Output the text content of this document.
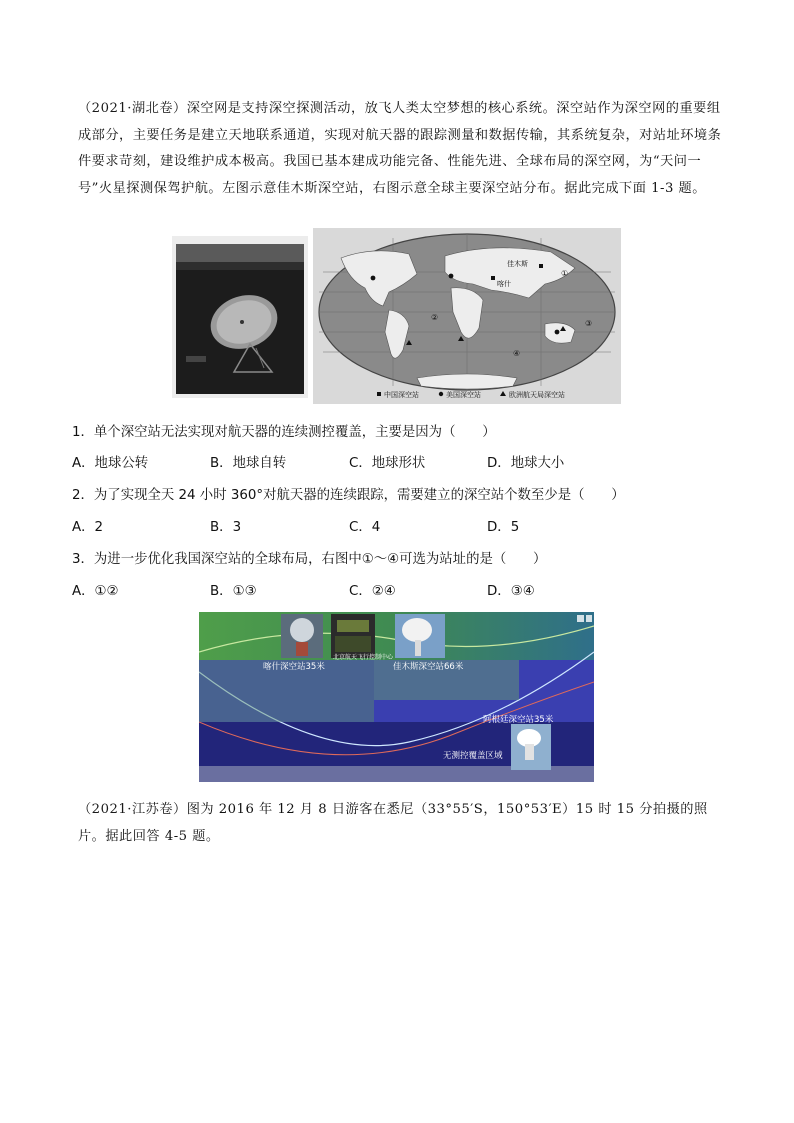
（2021·湖北卷）深空网是支持深空探测活动，放飞人类太空梦想的核心系统。深空站作为深空网的重要组成部分，主要任务是建立天地联系通道，实现对航天器的跟踪测量和数据传输，其系统复杂，对站址环境条件要求苛刻，建设维护成本极高。我国已基本建成功能完备、性能先进、全球布局的深空网，为“天问一号”火星探测保驾护航。左图示意佳木斯深空站，右图示意全球主要深空站分布。据此完成下面 1-3 题。
佳木斯
喀什
①
②
③
④
中国深空站	美国深空站	欧洲航天局深空站
1．单个深空站无法实现对航天器的连续测控覆盖，主要是因为（　　）
A．地球公转	B．地球自转	C．地球形状	D．地球大小
2．为了实现全天 24 小时 360°对航天器的连续跟踪，需要建立的深空站个数至少是（　　）
A．2	B．3	C．4	D．5
3．为进一步优化我国深空站的全球布局，右图中①～④可选为站址的是（　　）
A．①②	B．①③	C．②④	D．③④
喀什深空站35米	佳木斯深空站66米
阿根廷深空站35米
无测控覆盖区域
北京航天飞行控制中心
（2021·江苏卷）图为 2016 年 12 月 8 日游客在悉尼（33°55′S，150°53′E）15 时 15 分拍摄的照片。据此回答 4-5 题。
